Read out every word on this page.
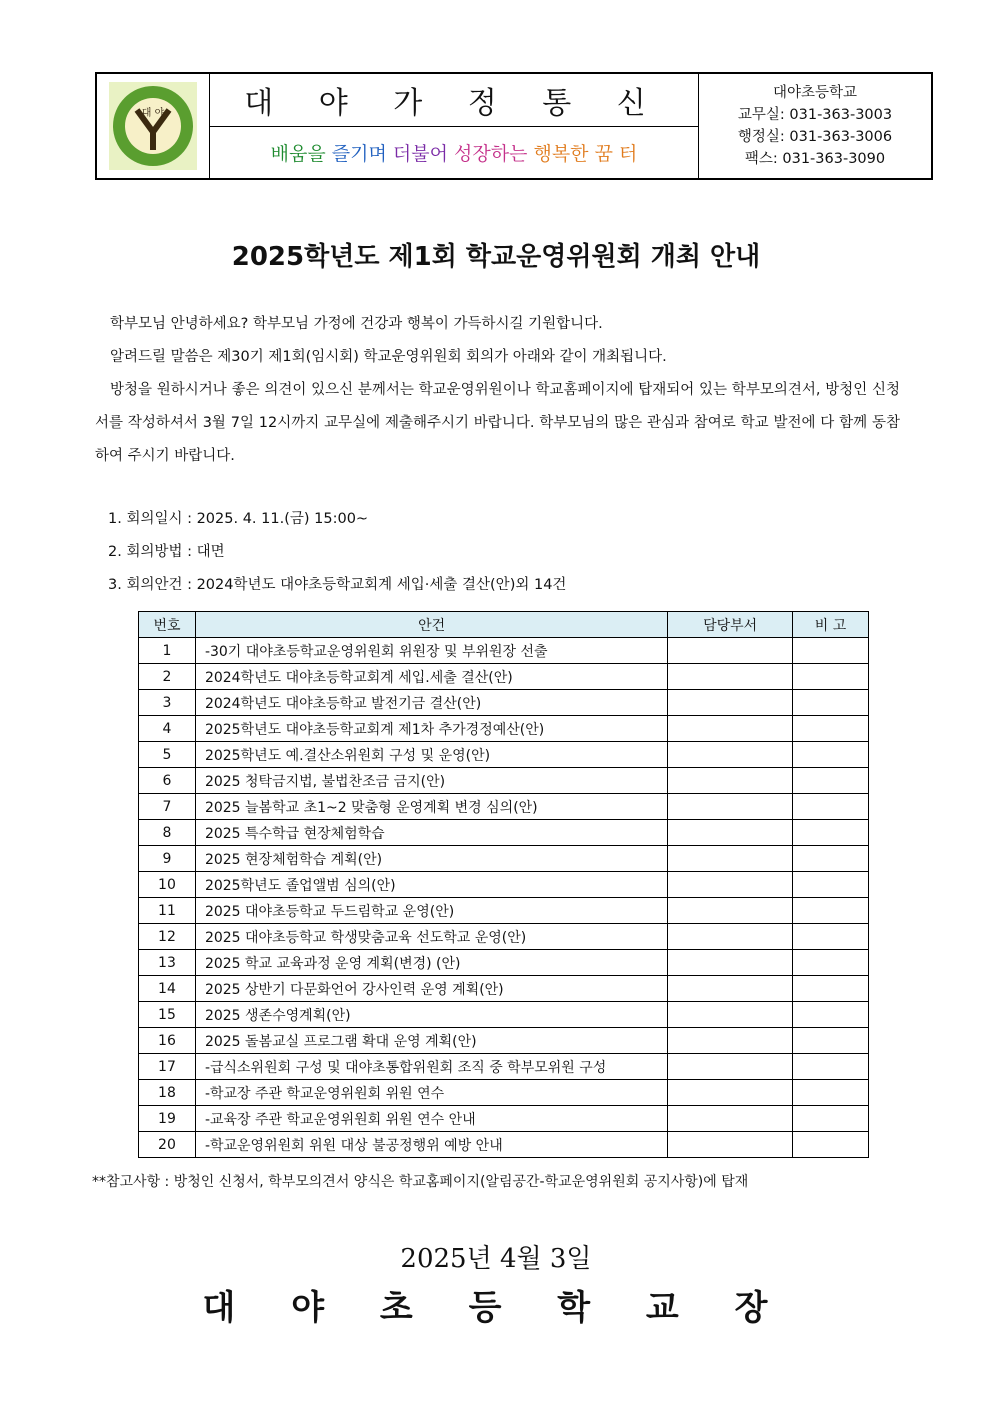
대 야	대 야 가 정 통 신
배움을
즐기며
더불어
성장하는
행복한
꿈 터
대야초등학교
교무실: 031-363-3003
행정실: 031-363-3006
팩스: 031-363-3090
2025학년도 제1회 학교운영위원회 개최 안내
학부모님 안녕하세요? 학부모님 가정에 건강과 행복이 가득하시길 기원합니다.
알려드릴 말씀은 제30기 제1회(임시회) 학교운영위원회 회의가 아래와 같이 개최됩니다.
방청을 원하시거나 좋은 의견이 있으신 분께서는 학교운영위원이나 학교홈페이지에 탑재되어 있는 학부모의견서, 방청인 신청서를 작성하셔서 3월 7일 12시까지 교무실에 제출해주시기 바랍니다. 학부모님의 많은 관심과 참여로 학교 발전에 다 함께 동참하여 주시기 바랍니다.
1. 회의일시 : 2025. 4. 11.(금) 15:00~
2. 회의방법 : 대면
3. 회의안건 : 2024학년도 대야초등학교회계 세입·세출 결산(안)외 14건
번호	안건	담당부서	비 고
1	-30기 대야초등학교운영위원회 위원장 및 부위원장 선출		
2	2024학년도 대야초등학교회계 세입.세출 결산(안)		
3	2024학년도 대야초등학교 발전기금 결산(안)		
4	2025학년도 대야초등학교회계 제1차 추가경정예산(안)		
5	2025학년도 예.결산소위원회 구성 및 운영(안)		
6	2025 청탁금지법, 불법찬조금 금지(안)		
7	2025 늘봄학교 초1~2 맞춤형 운영계획 변경 심의(안)		
8	2025 특수학급 현장체험학습		
9	2025 현장체험학습 계획(안)		
10	2025학년도 졸업앨범 심의(안)		
11	2025 대야초등학교 두드림학교 운영(안)		
12	2025 대야초등학교 학생맞춤교육 선도학교 운영(안)		
13	2025 학교 교육과정 운영 계획(변경) (안)		
14	2025 상반기 다문화언어 강사인력 운영 계획(안)		
15	2025 생존수영계획(안)		
16	2025 돌봄교실 프로그램 확대 운영 계획(안)		
17	-급식소위원회 구성 및 대야초통합위원회 조직 중 학부모위원 구성		
18	-학교장 주관 학교운영위원회 위원 연수		
19	-교육장 주관 학교운영위원회 위원 연수 안내		
20	-학교운영위원회 위원 대상 불공정행위 예방 안내		
**참고사항 : 방청인 신청서, 학부모의견서 양식은 학교홈페이지(알림공간-학교운영위원회 공지사항)에 탑재
2025년 4월 3일
대 야 초 등 학 교 장
